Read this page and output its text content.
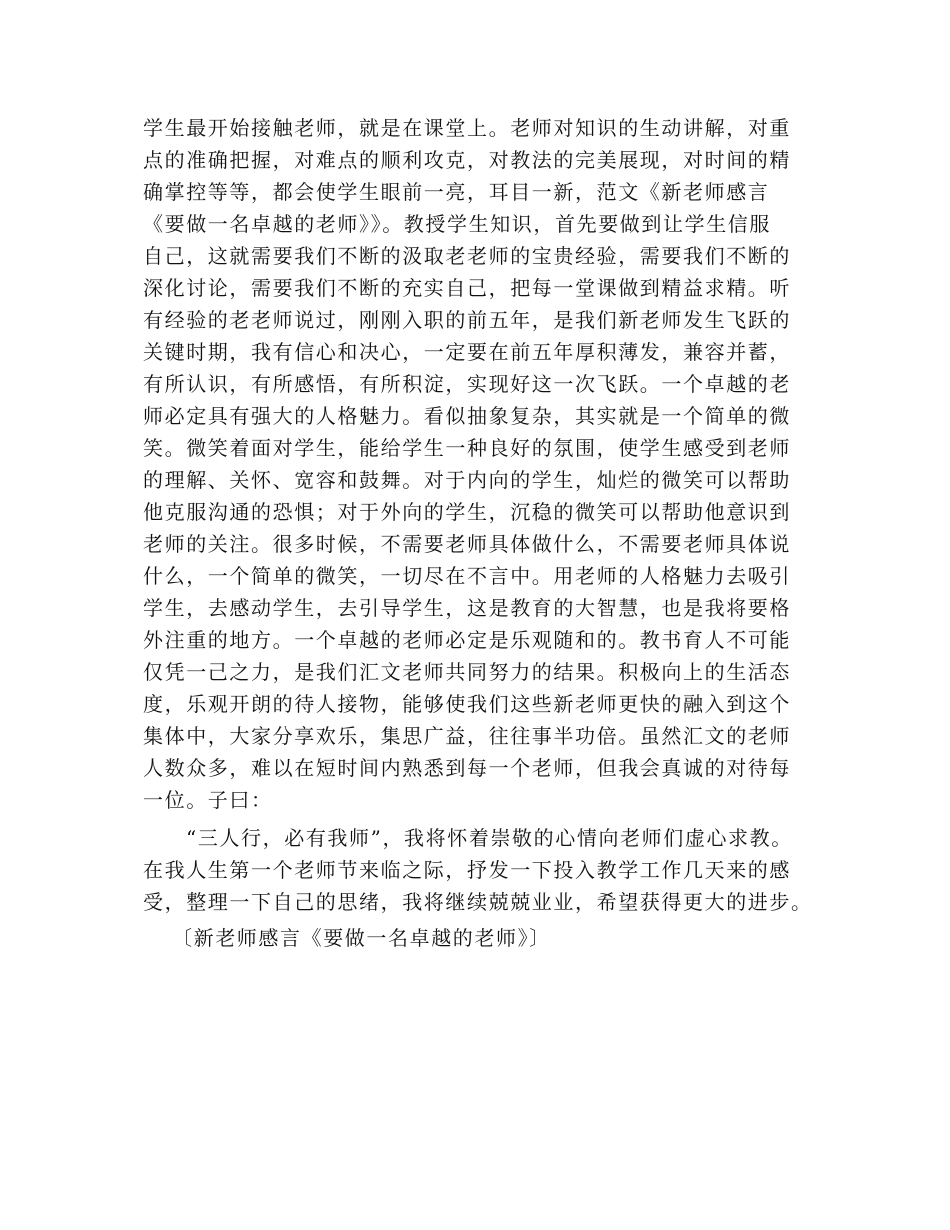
学生最开始接触老师，就是在课堂上。老师对知识的生动讲解，对重
点的准确把握，对难点的顺利攻克，对教法的完美展现，对时间的精
确掌控等等，都会使学生眼前一亮，耳目一新，范文《新老师感言
《要做一名卓越的老师》》。教授学生知识，首先要做到让学生信服
自己，这就需要我们不断的汲取老老师的宝贵经验，需要我们不断的
深化讨论，需要我们不断的充实自己，把每一堂课做到精益求精。听
有经验的老老师说过，刚刚入职的前五年，是我们新老师发生飞跃的
关键时期，我有信心和决心，一定要在前五年厚积薄发，兼容并蓄，
有所认识，有所感悟，有所积淀，实现好这一次飞跃。一个卓越的老
师必定具有强大的人格魅力。看似抽象复杂，其实就是一个简单的微
笑。微笑着面对学生，能给学生一种良好的氛围，使学生感受到老师
的理解、关怀、宽容和鼓舞。对于内向的学生，灿烂的微笑可以帮助
他克服沟通的恐惧；对于外向的学生，沉稳的微笑可以帮助他意识到
老师的关注。很多时候，不需要老师具体做什么，不需要老师具体说
什么，一个简单的微笑，一切尽在不言中。用老师的人格魅力去吸引
学生，去感动学生，去引导学生，这是教育的大智慧，也是我将要格
外注重的地方。一个卓越的老师必定是乐观随和的。教书育人不可能
仅凭一己之力，是我们汇文老师共同努力的结果。积极向上的生活态
度，乐观开朗的待人接物，能够使我们这些新老师更快的融入到这个
集体中，大家分享欢乐，集思广益，往往事半功倍。虽然汇文的老师
人数众多，难以在短时间内熟悉到每一个老师，但我会真诚的对待每
一位。子曰：
“三人行，必有我师”，我将怀着崇敬的心情向老师们虚心求教。
在我人生第一个老师节来临之际，抒发一下投入教学工作几天来的感
受，整理一下自己的思绪，我将继续兢兢业业，希望获得更大的进步。
〔新老师感言《要做一名卓越的老师》〕
